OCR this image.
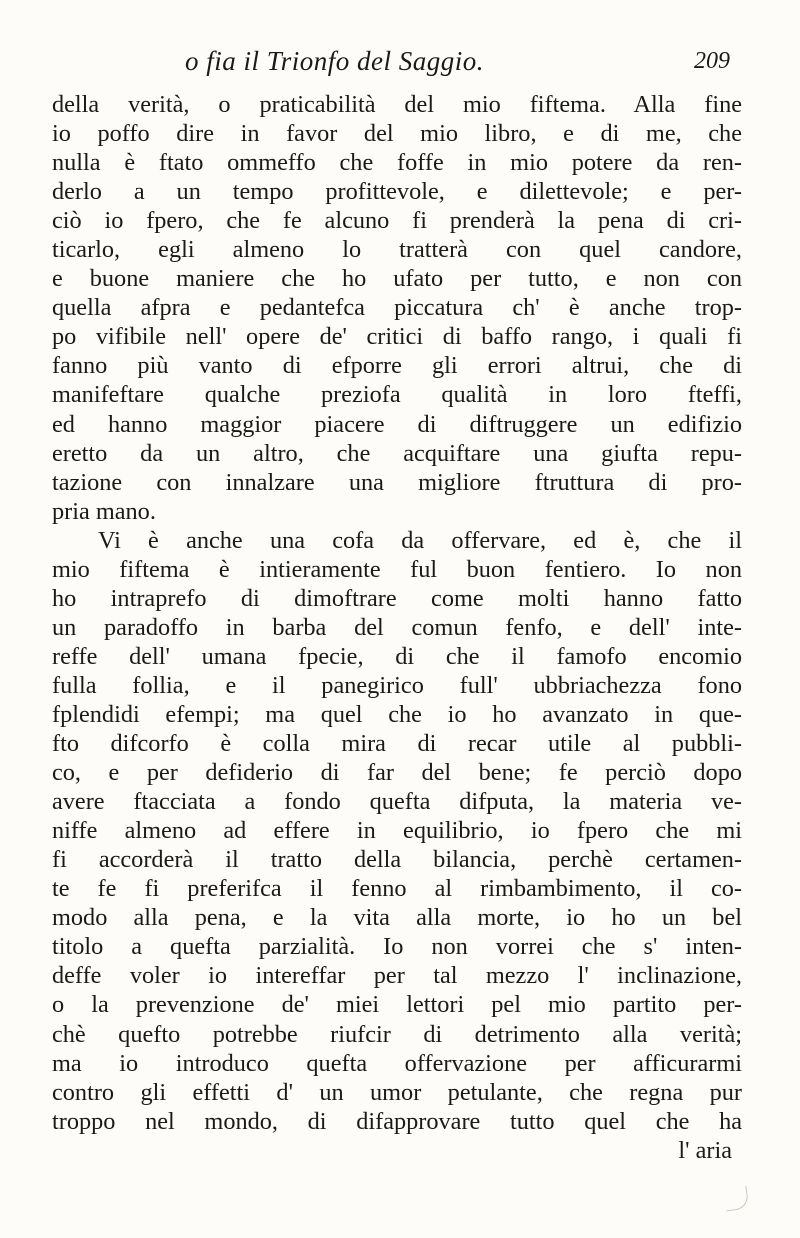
o fia il Trionfo del Saggio.	209
della verità, o praticabilità del mio fiftema. Alla fine
io poffo dire in favor del mio libro, e di me, che
nulla è ftato ommeffo che foffe in mio potere da ren-
derlo a un tempo profittevole, e dilettevole; e per-
ciò io fpero, che fe alcuno fi prenderà la pena di cri-
ticarlo, egli almeno lo tratterà con quel candore,
e buone maniere che ho ufato per tutto, e non con
quella afpra e pedantefca piccatura ch' è anche trop-
po vifibile nell' opere de' critici di baffo rango, i quali fi
fanno più vanto di efporre gli errori altrui, che di
manifeftare qualche preziofa qualità in loro fteffi,
ed hanno maggior piacere di diftruggere un edifizio
eretto da un altro, che acquiftare una giufta repu-
tazione con innalzare una migliore ftruttura di pro-
pria mano.
Vi è anche una cofa da offervare, ed è, che il
mio fiftema è intieramente ful buon fentiero. Io non
ho intraprefo di dimoftrare come molti hanno fatto
un paradoffo in barba del comun fenfo, e dell' inte-
reffe dell' umana fpecie, di che il famofo encomio
fulla follia, e il panegirico full' ubbriachezza fono
fplendidi efempi; ma quel che io ho avanzato in que-
fto difcorfo è colla mira di recar utile al pubbli-
co, e per defiderio di far del bene; fe perciò dopo
avere ftacciata a fondo quefta difputa, la materia ve-
niffe almeno ad effere in equilibrio, io fpero che mi
fi accorderà il tratto della bilancia, perchè certamen-
te fe fi preferifca il fenno al rimbambimento, il co-
modo alla pena, e la vita alla morte, io ho un bel
titolo a quefta parzialità. Io non vorrei che s' inten-
deffe voler io intereffar per tal mezzo l' inclinazione,
o la prevenzione de' miei lettori pel mio partito per-
chè quefto potrebbe riufcir di detrimento alla verità;
ma io introduco quefta offervazione per afficurarmi
contro gli effetti d' un umor petulante, che regna pur
troppo nel mondo, di difapprovare tutto quel che ha
l' aria
